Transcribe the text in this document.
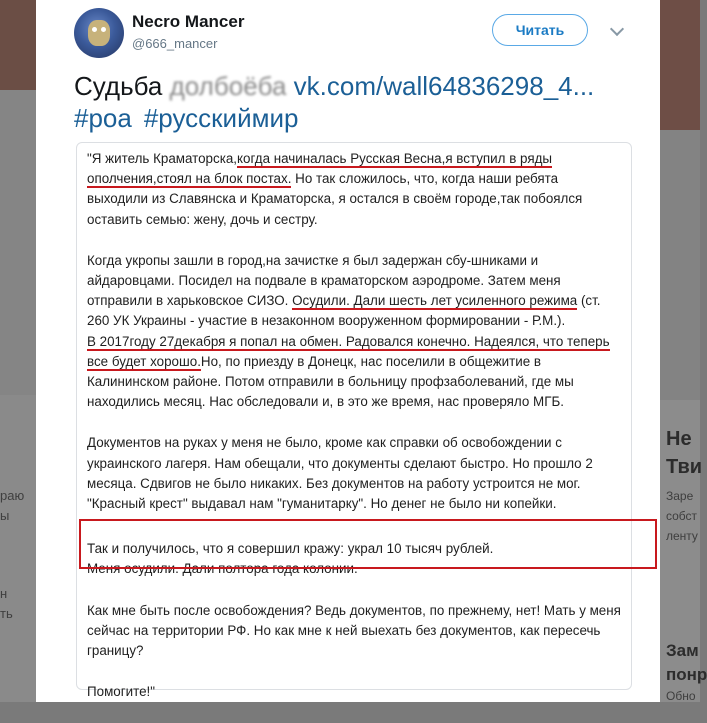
раю
ы
н
ть
Не
Тви
Заре
собст
ленту
Зам
понр
Обно
Necro Mancer
@666_mancer
Читать
Судьба долбоёба vk.com/wall64836298_4...
#роа #русскиймир

"Я житель Краматорска,когда начиналась Русская Весна,я вступил в ряды
ополчения,стоял на блок постах. Но так сложилось, что, когда наши ребята
выходили из Славянска и Краматорска, я остался в своём городе,так побоялся
оставить семью: жену, дочь и сестру.

Когда укропы зашли в город,на зачистке я был задержан сбу-шниками и
айдаровцами. Посидел на подвале в краматорском аэродроме. Затем меня
отправили в харьковское СИЗО. Осудили. Дали шесть лет усиленного режима (ст.
260 УК Украины - участие в незаконном вооруженном формировании - Р.М.).

В 2017году 27декабря я попал на обмен. Радовался конечно. Надеялся, что теперь
все будет хорошо.Но, по приезду в Донецк, нас поселили в общежитие в
Калининском районе. Потом отправили в больницу профзаболеваний, где мы
находились месяц. Нас обследовали и, в это же время, нас проверяло МГБ.

Документов на руках у меня не было, кроме как справки об освобождении с
украинского лагеря. Нам обещали, что документы сделают быстро. Но прошло 2
месяца. Сдвигов не было никаких. Без документов на работу устроится не мог.
"Красный крест" выдавал нам "гуманитарку". Но денег не было ни копейки.

Так и получилось, что я совершил кражу: украл 10 тысяч рублей.
Меня осудили. Дали полтора года колонии.

Как мне быть после освобождения? Ведь документов, по прежнему, нет! Мать у меня
сейчас на территории РФ. Но как мне к ней выехать без документов, как пересечь
границу?

Помогите!"
